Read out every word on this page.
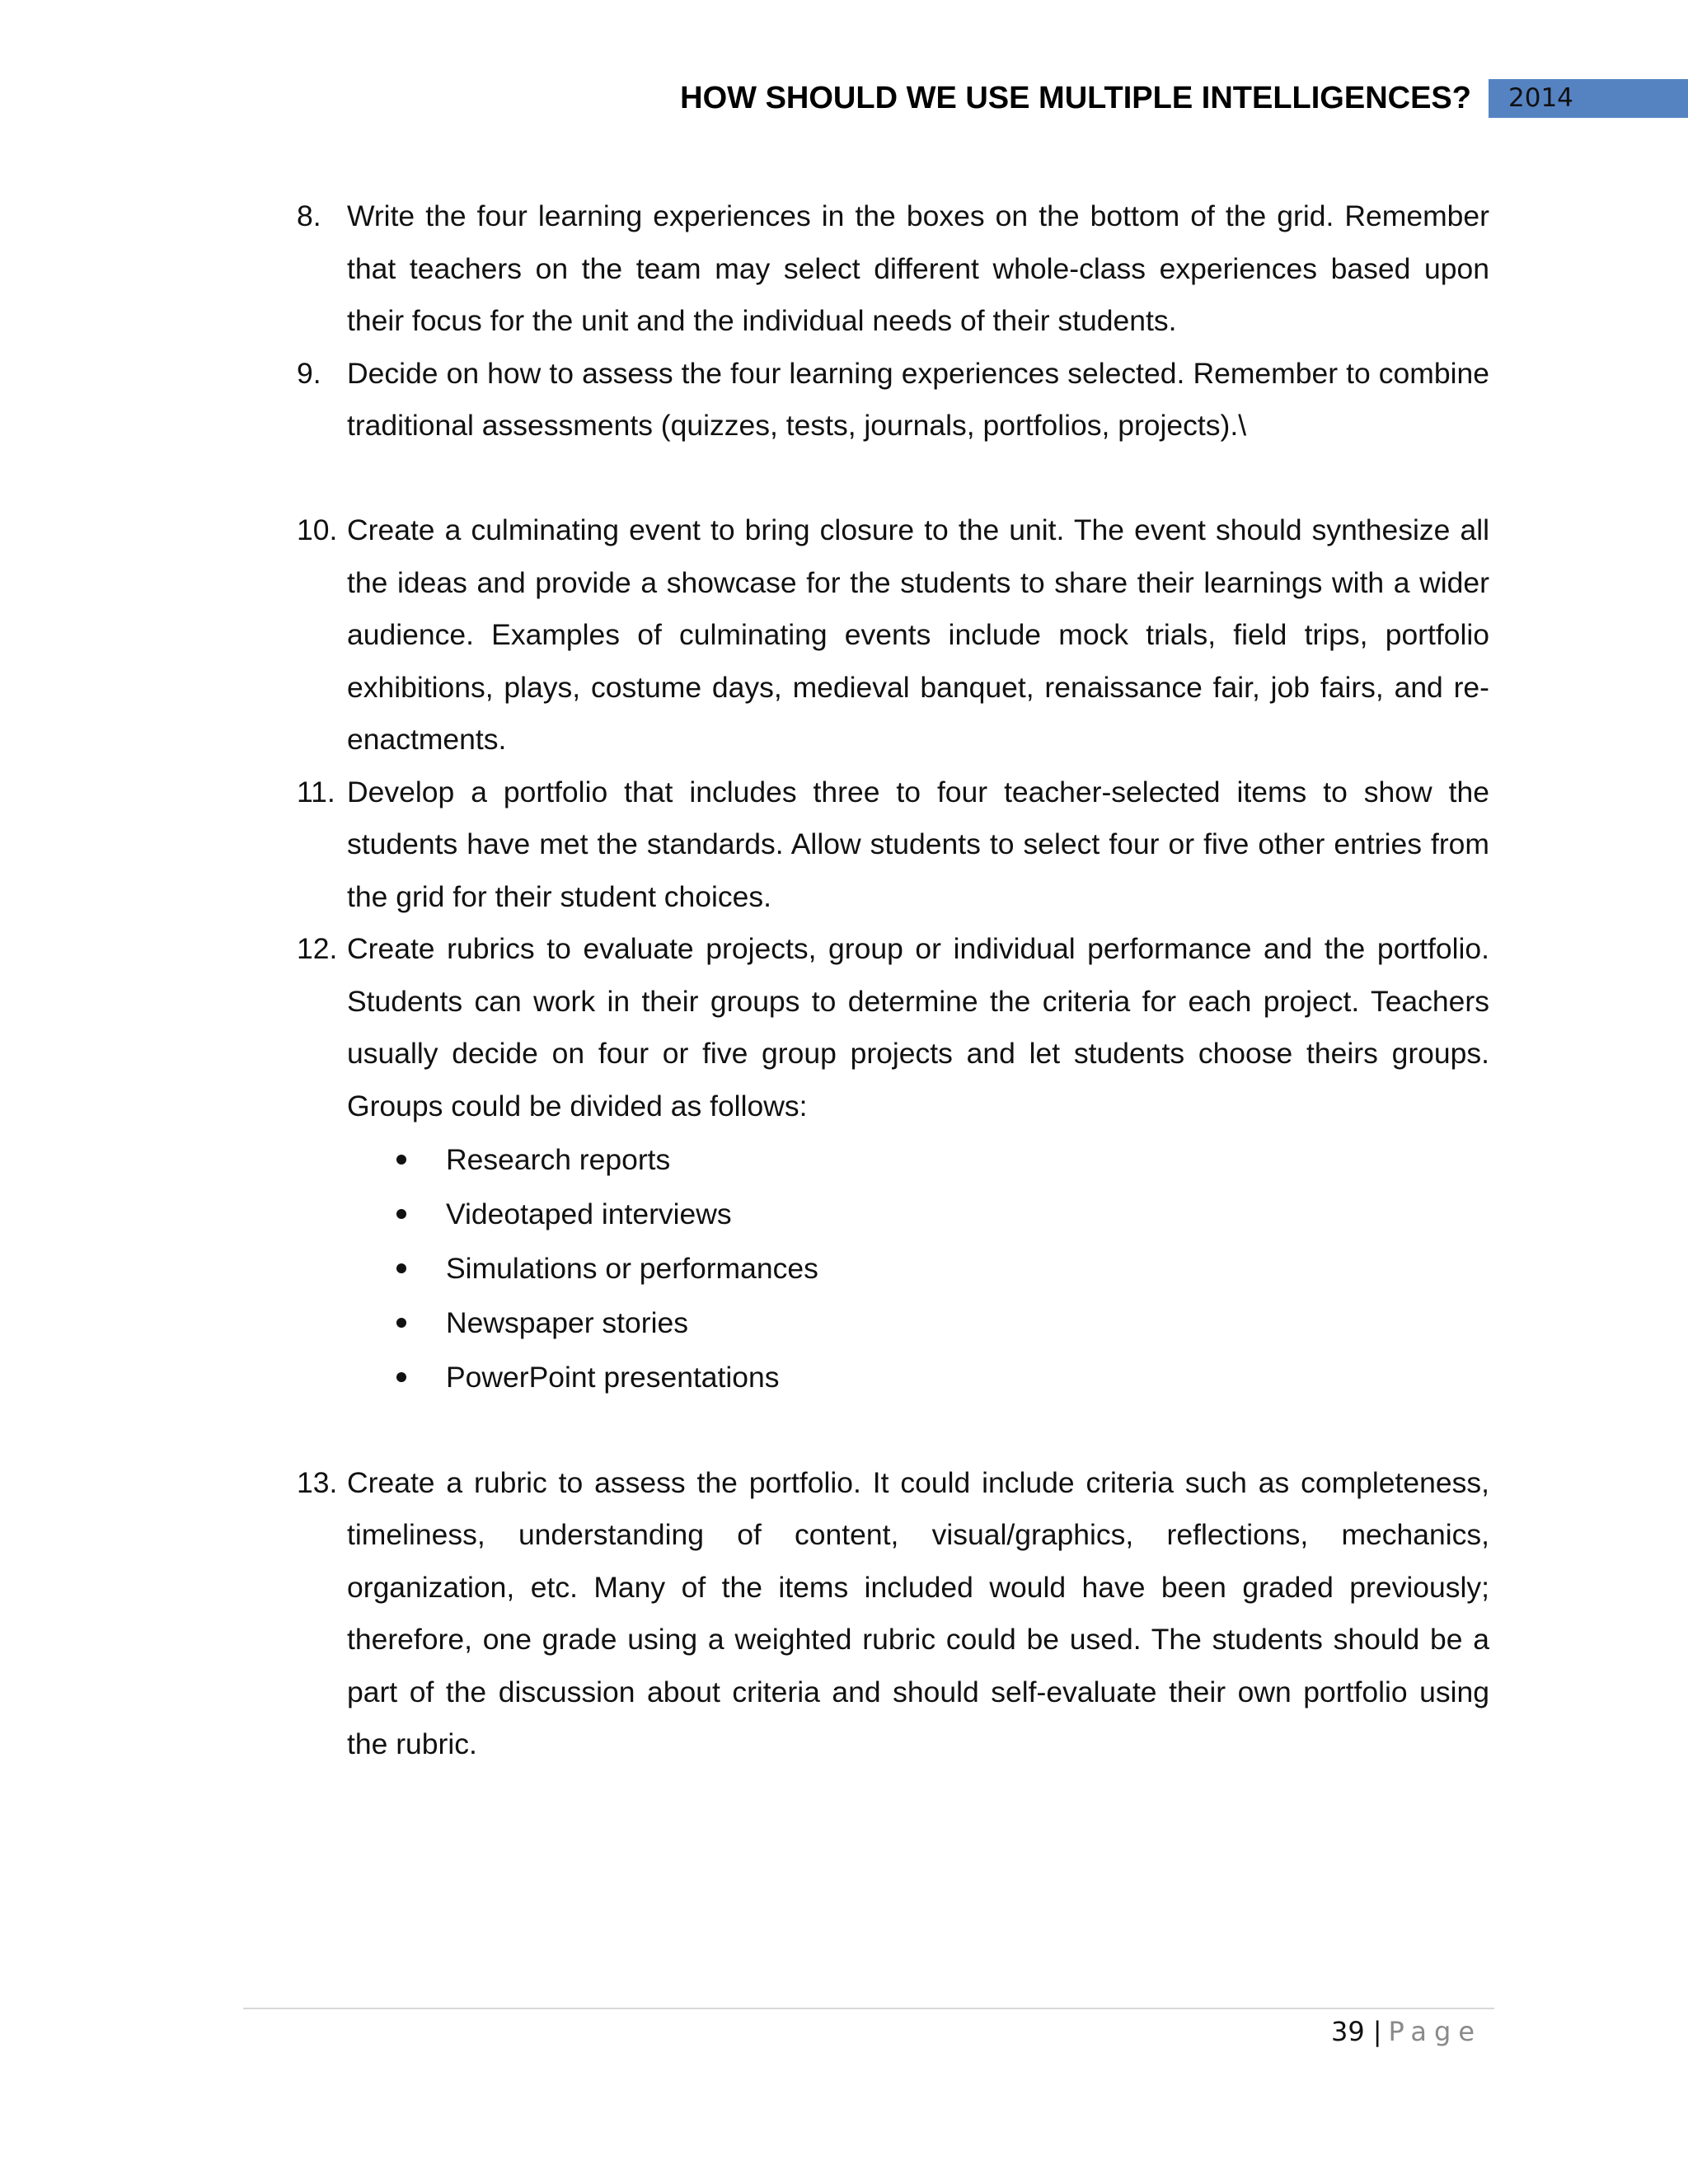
HOW SHOULD WE USE MULTIPLE INTELLIGENCES?	2014
8. Write the four learning experiences in the boxes on the bottom of the grid. Remember that teachers on the team may select different whole-class experiences based upon their focus for the unit and the individual needs of their students.
9. Decide on how to assess the four learning experiences selected. Remember to combine traditional assessments (quizzes, tests, journals, portfolios, projects).\
10. Create a culminating event to bring closure to the unit. The event should synthesize all the ideas and provide a showcase for the students to share their learnings with a wider audience. Examples of culminating events include mock trials, field trips, portfolio exhibitions, plays, costume days, medieval banquet, renaissance fair, job fairs, and re-enactments.
11. Develop a portfolio that includes three to four teacher-selected items to show the students have met the standards. Allow students to select four or five other entries from the grid for their student choices.
12. Create rubrics to evaluate projects, group or individual performance and the portfolio. Students can work in their groups to determine the criteria for each project. Teachers usually decide on four or five group projects and let students choose theirs groups. Groups could be divided as follows:
Research reports
Videotaped interviews
Simulations or performances
Newspaper stories
PowerPoint presentations
13. Create a rubric to assess the portfolio. It could include criteria such as completeness, timeliness, understanding of content, visual/graphics, reflections, mechanics, organization, etc. Many of the items included would have been graded previously; therefore, one grade using a weighted rubric could be used. The students should be a part of the discussion about criteria and should self-evaluate their own portfolio using the rubric.
39 | Page
